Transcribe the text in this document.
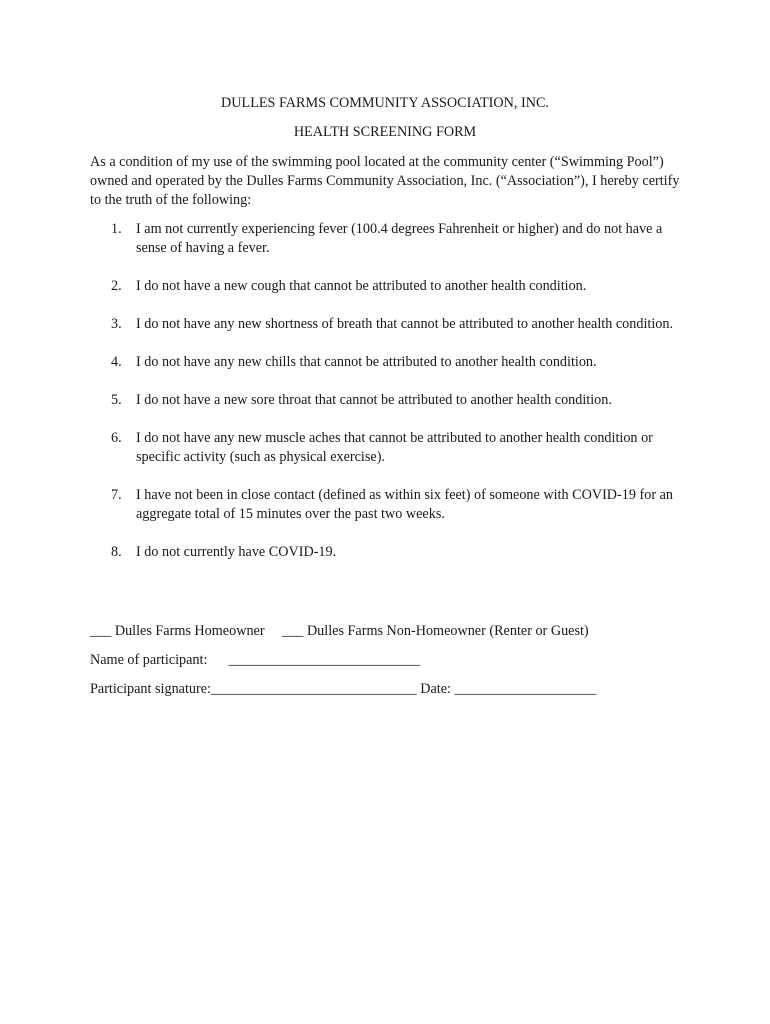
DULLES FARMS COMMUNITY ASSOCIATION, INC.

HEALTH SCREENING FORM

As a condition of my use of the swimming pool located at the community center (“Swimming Pool”) owned and operated by the Dulles Farms Community Association, Inc. (“Association”), I hereby certify to the truth of the following:

1. I am not currently experiencing fever (100.4 degrees Fahrenheit or higher) and do not have a sense of having a fever.
2. I do not have a new cough that cannot be attributed to another health condition.
3. I do not have any new shortness of breath that cannot be attributed to another health condition.
4. I do not have any new chills that cannot be attributed to another health condition.
5. I do not have a new sore throat that cannot be attributed to another health condition.
6. I do not have any new muscle aches that cannot be attributed to another health condition or specific activity (such as physical exercise).
7. I have not been in close contact (defined as within six feet) of someone with COVID-19 for an aggregate total of 15 minutes over the past two weeks.
8. I do not currently have COVID-19.
___ Dulles Farms Homeowner ___ Dulles Farms Non-Homeowner (Renter or Guest)
Name of participant: ___________________________
Participant signature:_____________________________ Date: ____________________
